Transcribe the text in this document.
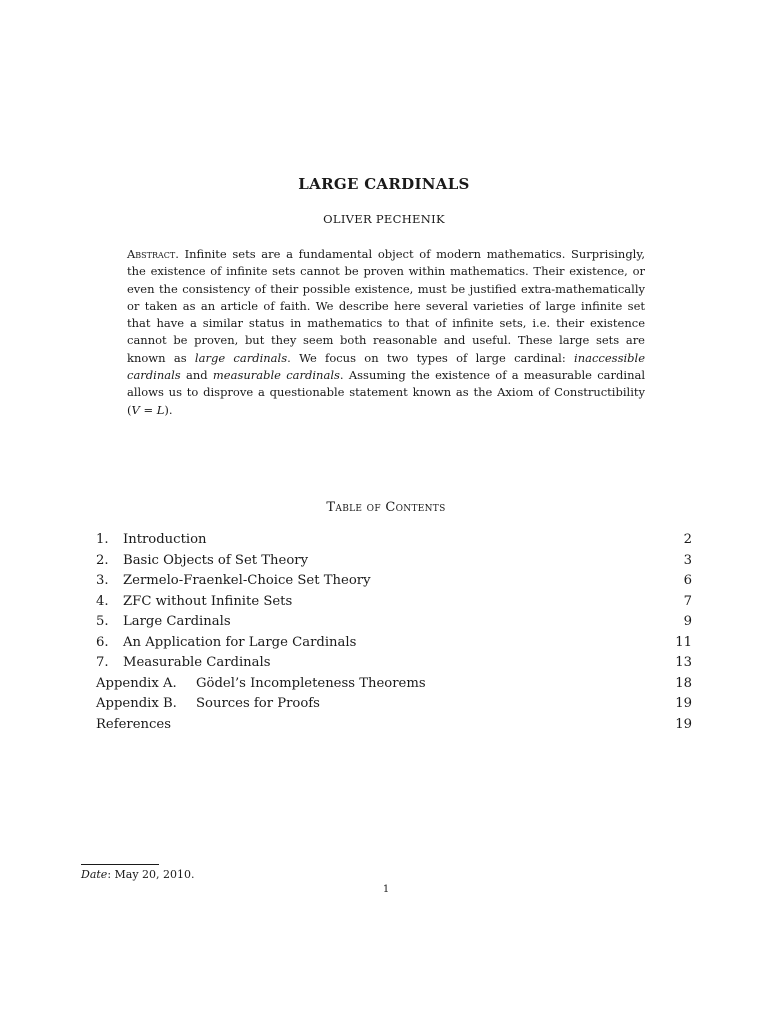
LARGE CARDINALS
OLIVER PECHENIK
Abstract. Infinite sets are a fundamental object of modern mathematics. Surprisingly, the existence of infinite sets cannot be proven within mathematics. Their existence, or even the consistency of their possible existence, must be justified extra-mathematically or taken as an article of faith. We describe here several varieties of large infinite set that have a similar status in mathematics to that of infinite sets, i.e. their existence cannot be proven, but they seem both reasonable and useful. These large sets are known as large cardinals. We focus on two types of large cardinal: inaccessible cardinals and measurable cardinals. Assuming the existence of a measurable cardinal allows us to disprove a questionable statement known as the Axiom of Constructibility (V = L).
Table of Contents
1.	Introduction	2
2.	Basic Objects of Set Theory	3
3.	Zermelo-Fraenkel-Choice Set Theory	6
4.	ZFC without Infinite Sets	7
5.	Large Cardinals	9
6.	An Application for Large Cardinals	11
7.	Measurable Cardinals	13
Appendix A.	Gödel’s Incompleteness Theorems	18
Appendix B.	Sources for Proofs	19
References	19
Date: May 20, 2010.
1
